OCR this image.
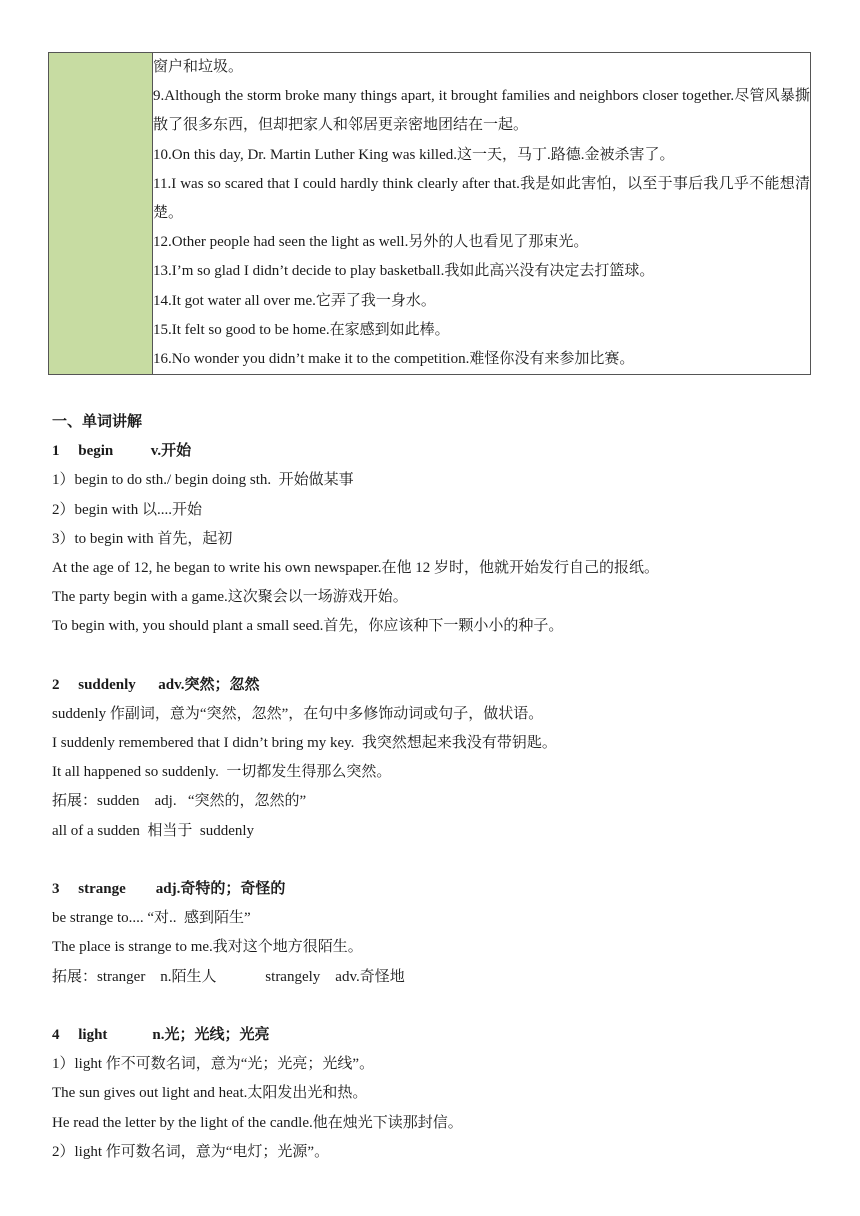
窗户和垃圾。
9.Although the storm broke many things apart, it brought families and neighbors closer together.尽管风暴撕散了很多东西，但却把家人和邻居更亲密地团结在一起。
10.On this day, Dr. Martin Luther King was killed.这一天，马丁.路德.金被杀害了。
11.I was so scared that I could hardly think clearly after that.我是如此害怕，以至于事后我几乎不能想清楚。
12.Other people had seen the light as well.另外的人也看见了那束光。
13.I’m so glad I didn’t decide to play basketball.我如此高兴没有决定去打篮球。
14.It got water all over me.它弄了我一身水。
15.It felt so good to be home.在家感到如此棒。
16.No wonder you didn’t make it to the competition.难怪你没有来参加比赛。
一、单词讲解
1     begin          v.开始
1）begin to do sth./ begin doing sth.  开始做某事
2）begin with 以....开始
3）to begin with 首先，起初
At the age of 12, he began to write his own newspaper.在他 12 岁时，他就开始发行自己的报纸。
The party begin with a game.这次聚会以一场游戏开始。
To begin with, you should plant a small seed.首先，你应该种下一颗小小的种子。
2     suddenly      adv.突然；忽然
suddenly 作副词，意为“突然，忽然”，在句中多修饰动词或句子，做状语。
I suddenly remembered that I didn’t bring my key.  我突然想起来我没有带钥匙。
It all happened so suddenly.  一切都发生得那么突然。
拓展：sudden    adj.   “突然的，忽然的”
all of a sudden  相当于  suddenly
3     strange        adj.奇特的；奇怪的
be strange to.... “对..  感到陌生”
The place is strange to me.我对这个地方很陌生。
拓展：stranger    n.陌生人             strangely    adv.奇怪地
4     light            n.光；光线；光亮
1）light 作不可数名词，意为“光；光亮；光线”。
The sun gives out light and heat.太阳发出光和热。
He read the letter by the light of the candle.他在烛光下读那封信。
2）light 作可数名词，意为“电灯；光源”。
